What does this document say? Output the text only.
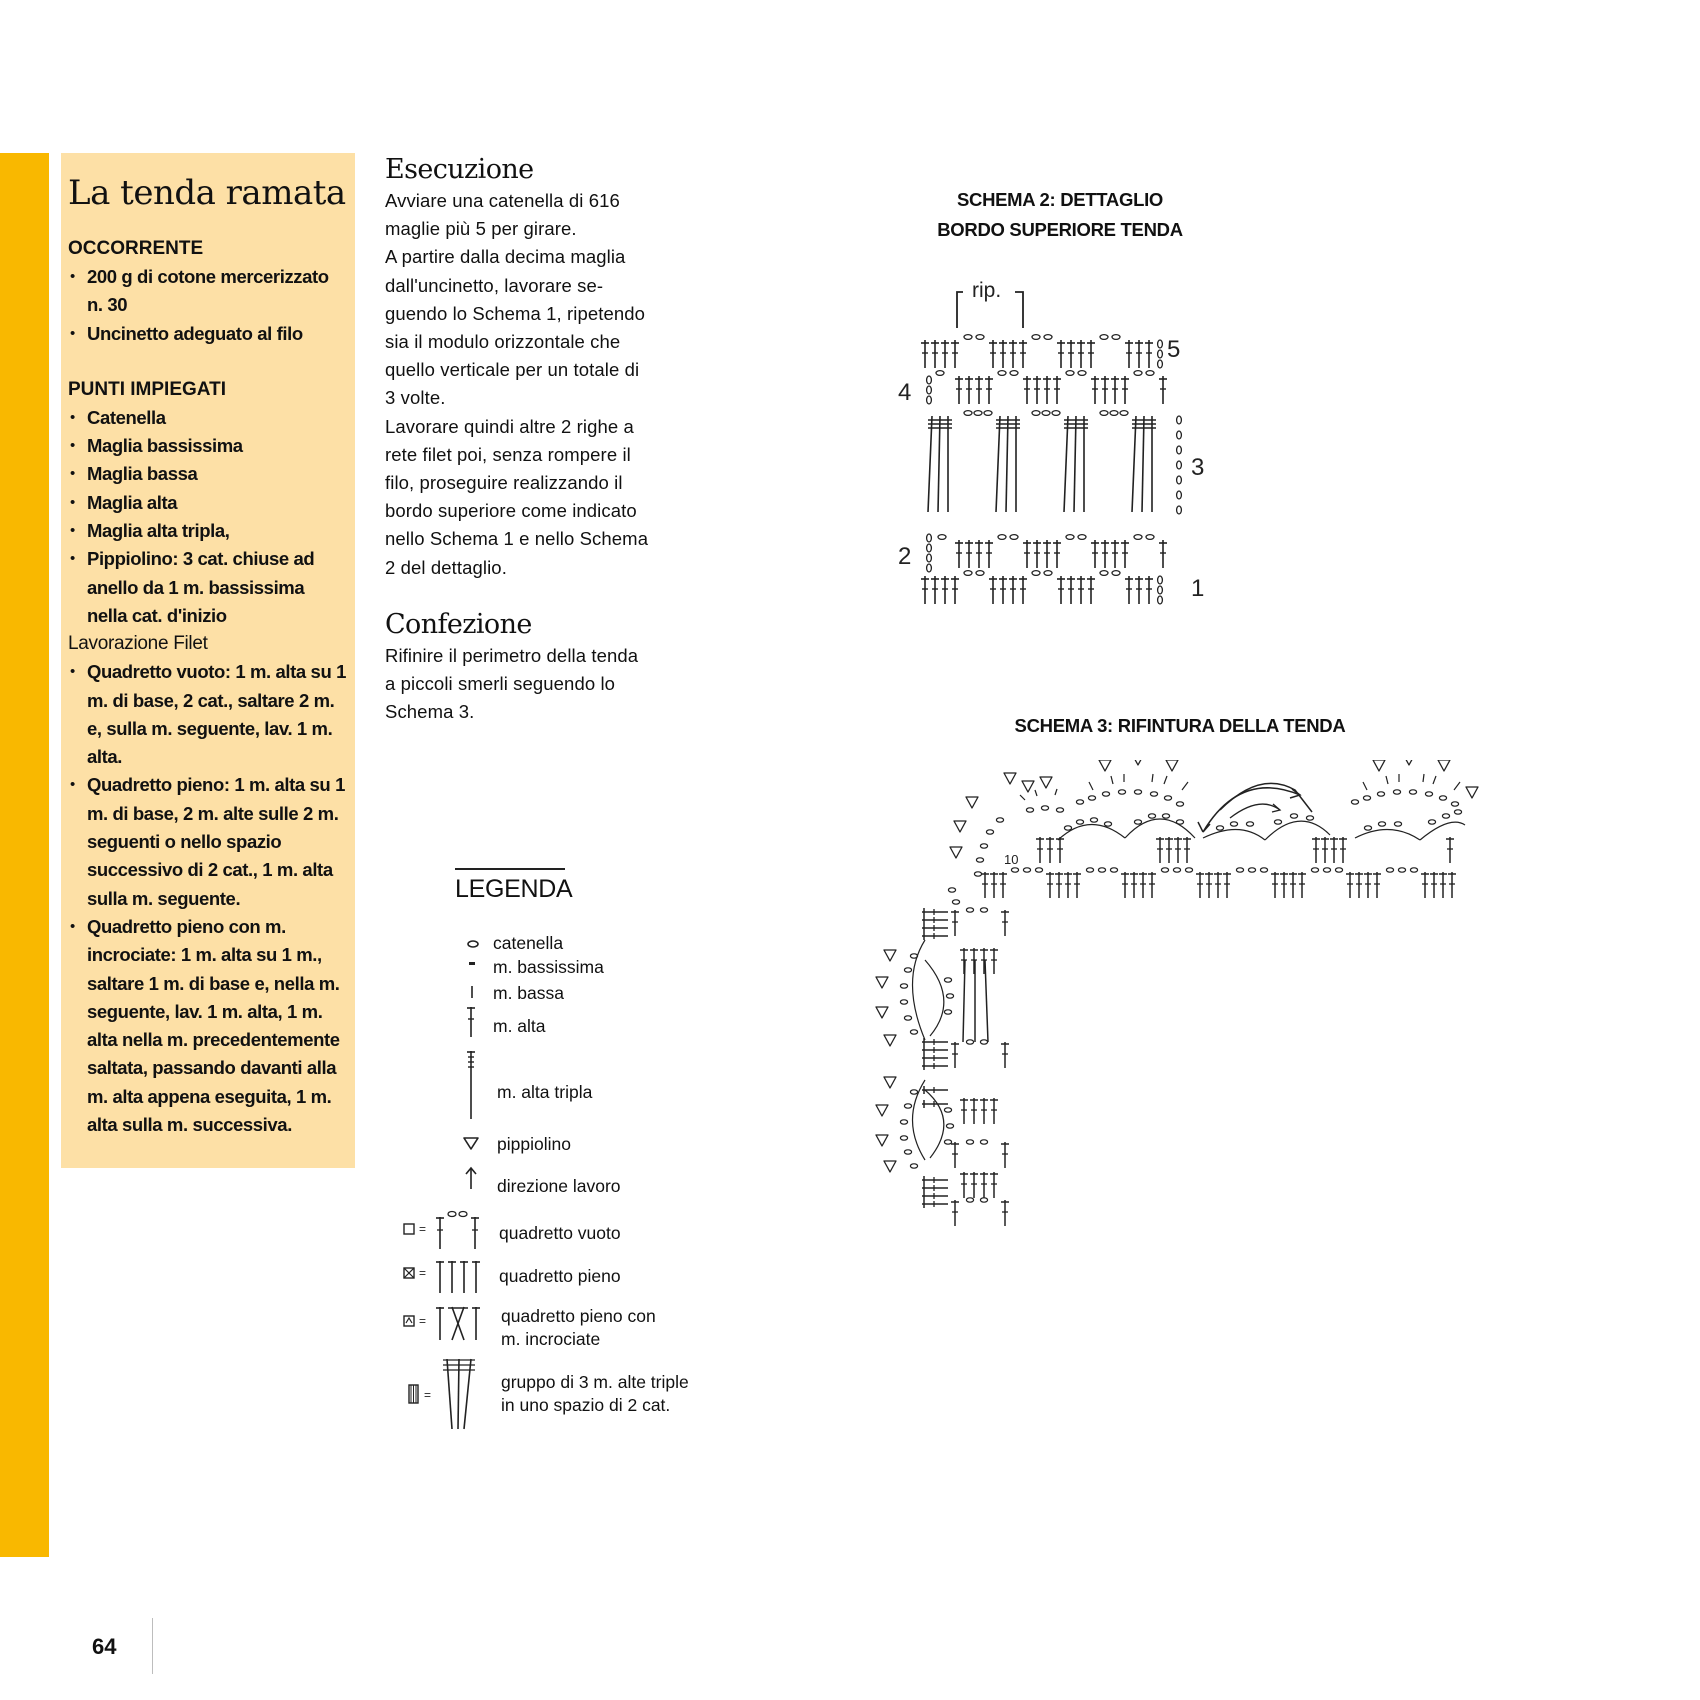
La tenda ramata
OCCORRENTE
• 200 g di cotone mercerizzato n. 30
• Uncinetto adeguato al filo
PUNTI IMPIEGATI
• Catenella
• Maglia bassissima
• Maglia bassa
• Maglia alta
• Maglia alta tripla,
• Pippiolino: 3 cat. chiuse ad anello da 1 m. bassissima nella cat. d'inizio
Lavorazione Filet
• Quadretto vuoto: 1 m. alta su 1 m. di base, 2 cat., saltare 2 m. e, sulla m. seguente, lav. 1 m. alta.
• Quadretto pieno: 1 m. alta su 1 m. di base, 2 m. alte sulle 2 m. seguenti o nello spazio successivo di 2 cat., 1 m. alta sulla m. seguente.
• Quadretto pieno con m. incrociate: 1 m. alta su 1 m., saltare 1 m. di base e, nella m. seguente, lav. 1 m. alta, 1 m. alta nella m. precedentemente saltata, passando davanti alla m. alta appena eseguita, 1 m. alta sulla m. successiva.
Esecuzione

Avviare una catenella di 616
maglie più 5 per girare.
A partire dalla decima maglia
dall'uncinetto, lavorare se-
guendo lo Schema 1, ripetendo
sia il modulo orizzontale che
quello verticale per un totale di
3 volte.
Lavorare quindi altre 2 righe a
rete filet poi, senza rompere il
filo, proseguire realizzando il
bordo superiore come indicato
nello Schema 1 e nello Schema
2 del dettaglio.

Confezione

Rifinire il perimetro della tenda
a piccoli smerli seguendo lo
Schema 3.

SCHEMA 2: DETTAGLIO
BORDO SUPERIORE TENDA
rip.
5
4
3
2
1
SCHEMA 3: RIFINTURA DELLA TENDA
10
LEGENDA
catenella
m. bassissima
m. bassa
m. alta
m. alta tripla
pippiolino
direzione lavoro
=	quadretto vuoto
=	quadretto pieno
=	quadretto pieno con
m. incrociate
=
gruppo di 3 m. alte triple
in uno spazio di 2 cat.
64
